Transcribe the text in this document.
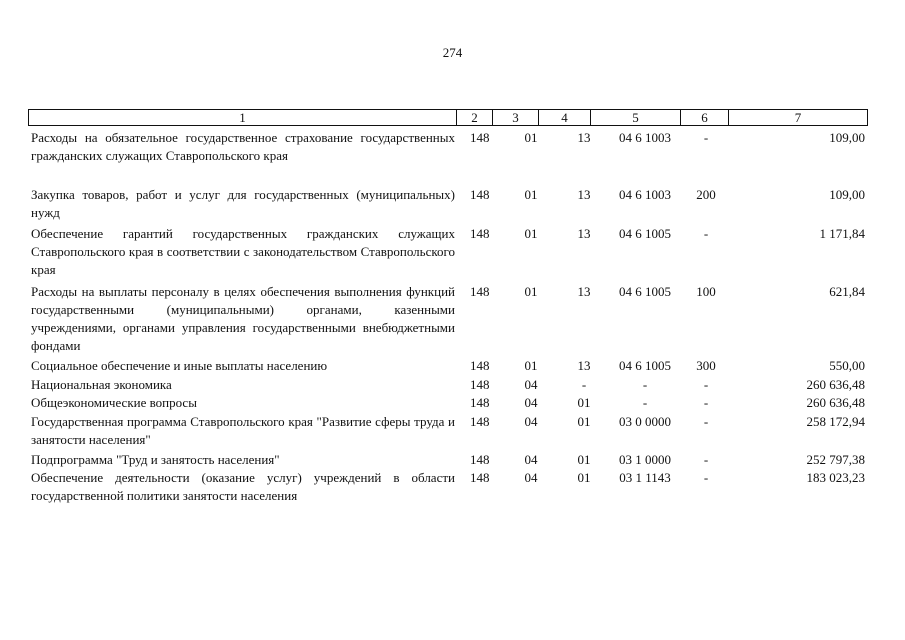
274
1	2	3	4	5	6	7
Расходы на обязательное государственное страхование государственных гражданских служащих Ставропольского края
148	01	13	04 6 1003	-	109,00
Закупка товаров, работ и услуг для государственных (муниципальных) нужд
148	01	13	04 6 1003	200	109,00
Обеспечение гарантий государственных гражданских служащих Ставропольского края в соответствии с законодательством Ставропольского края
148	01	13	04 6 1005	-	1 171,84
Расходы на выплаты персоналу в целях обеспечения выполнения функций государственными (муниципальными) органами, казенными учреждениями, органами управления государственными внебюджетными фондами
148	01	13	04 6 1005	100	621,84
Социальное обеспечение и иные выплаты населению	148	01	13	04 6 1005	300	550,00
Национальная экономика	148	04	-	-	-	260 636,48
Общеэкономические вопросы	148	04	01	-	-	260 636,48
Государственная программа Ставропольского края "Развитие сферы труда и занятости населения"
148	04	01	03 0 0000	-	258 172,94
Подпрограмма "Труд и занятость населения"	148	04	01	03 1 0000	-	252 797,38
Обеспечение деятельности (оказание услуг) учреждений в области государственной политики занятости населения
148	04	01	03 1 1143	-	183 023,23
